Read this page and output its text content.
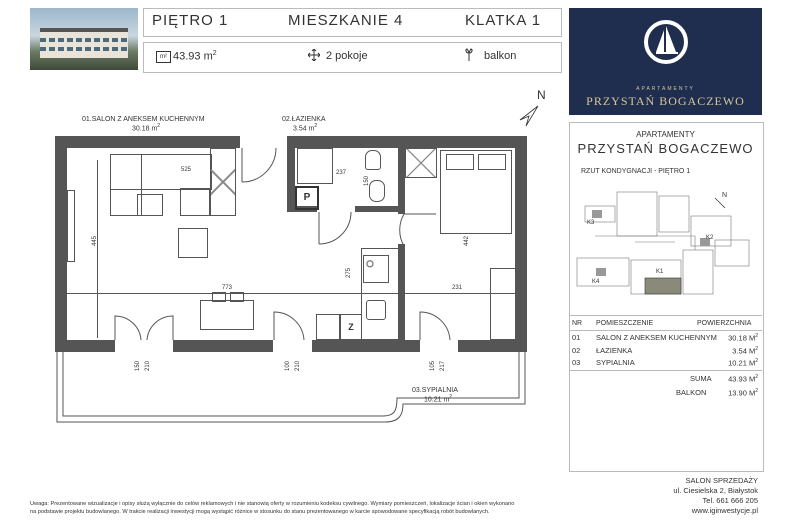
PIĘTRO 1	MIESZKANIE 4	KLATKA 1
m² 43.93 $m^2$	2 pokoje	balkon
APARTAMENTY
PRZYSTAŃ BOGACZEWO
N
01.SALON Z ANEKSEM KUCHENNYM
30.18 $m^2$
02.ŁAZIENKA
3.54 $m^2$
525
445
773
237
150
442
275
231
150 210	100 210	105 217
P
Z
03.SYPIALNIA
10.21 $m^2$
APARTAMENTY
PRZYSTAŃ BOGACZEWO
RZUT KONDYGNACJI - PIĘTRO 1
N
K1
K2
K3
K4
NR POMIESZCZENIE	POWIERZCHNIA
01 SALON Z ANEKSEM KUCHENNYM 30.18 $M^2$
02 ŁAZIENKA	3.54 $M^2$
03 SYPIALNIA	10.21 $M^2$
SUMA 43.93 $M^2$
BALKON	13.90 $M^2$
SALON SPRZEDAŻY
ul. Ciesielska 2, Białystok
Tel. 661 666 205
www.iginwestycje.pl
Uwaga: Prezentowane wizualizacje i opisy służą wyłącznie do celów reklamowych i nie stanowią oferty w rozumieniu kodeksu cywilnego. Wymiary pomieszczeń, lokalizacje ścian i okien wykonano
na podstawie projektu budowlanego. W trakcie realizacji inwestycji mogą wystąpić różnice w stosunku do stanu prezentowanego w karcie spowodowane specyfikacją robót budowlanych.
